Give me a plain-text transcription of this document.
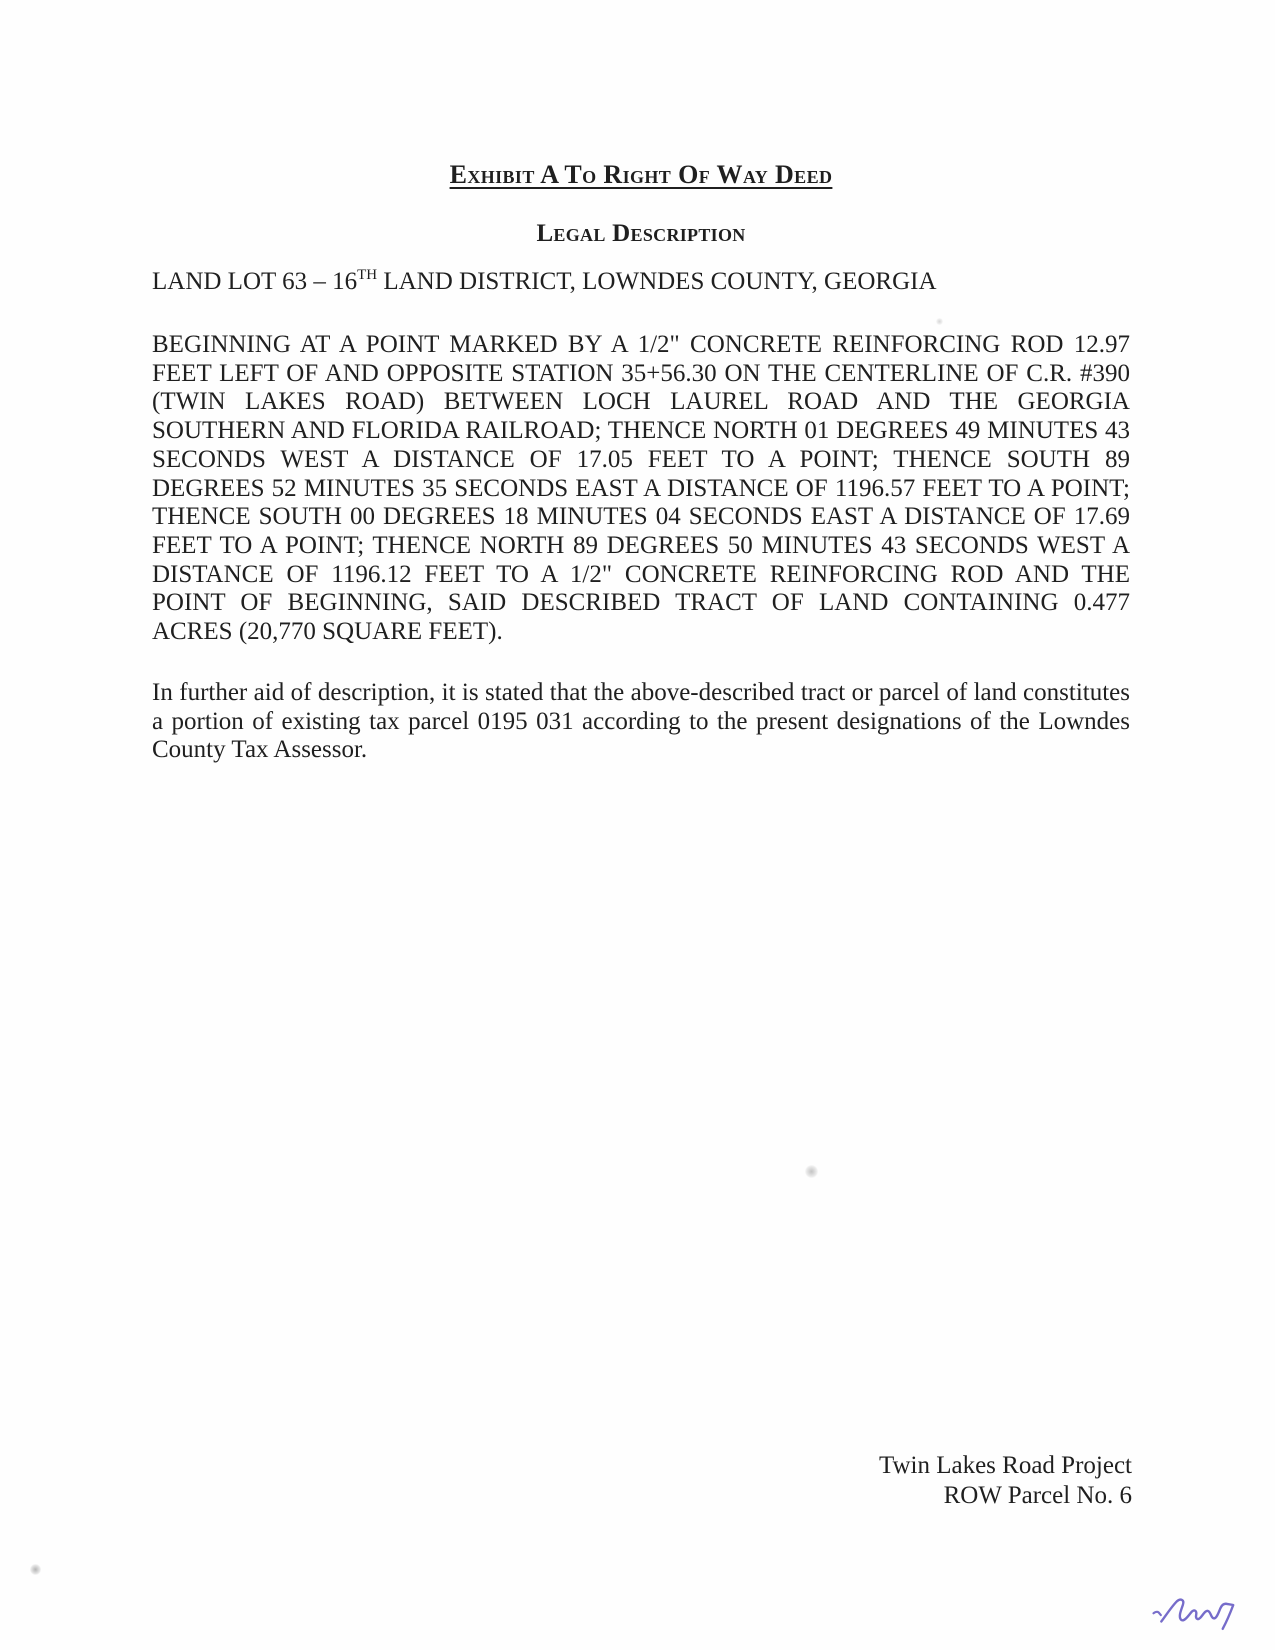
Exhibit A To Right Of Way Deed
Legal Description
LAND LOT 63 – 16TH LAND DISTRICT, LOWNDES COUNTY, GEORGIA
BEGINNING AT A POINT MARKED BY A 1/2" CONCRETE REINFORCING ROD 12.97 FEET LEFT OF AND OPPOSITE STATION 35+56.30 ON THE CENTERLINE OF C.R. #390 (TWIN LAKES ROAD) BETWEEN LOCH LAUREL ROAD AND THE GEORGIA SOUTHERN AND FLORIDA RAILROAD; THENCE NORTH 01 DEGREES 49 MINUTES 43 SECONDS WEST A DISTANCE OF 17.05 FEET TO A POINT; THENCE SOUTH 89 DEGREES 52 MINUTES 35 SECONDS EAST A DISTANCE OF 1196.57 FEET TO A POINT; THENCE SOUTH 00 DEGREES 18 MINUTES 04 SECONDS EAST A DISTANCE OF 17.69 FEET TO A POINT; THENCE NORTH 89 DEGREES 50 MINUTES 43 SECONDS WEST A DISTANCE OF 1196.12 FEET TO A 1/2" CONCRETE REINFORCING ROD AND THE POINT OF BEGINNING, SAID DESCRIBED TRACT OF LAND CONTAINING 0.477 ACRES (20,770 SQUARE FEET).
In further aid of description, it is stated that the above-described tract or parcel of land constitutes a portion of existing tax parcel 0195 031 according to the present designations of the Lowndes County Tax Assessor.
Twin Lakes Road Project
ROW Parcel No. 6
